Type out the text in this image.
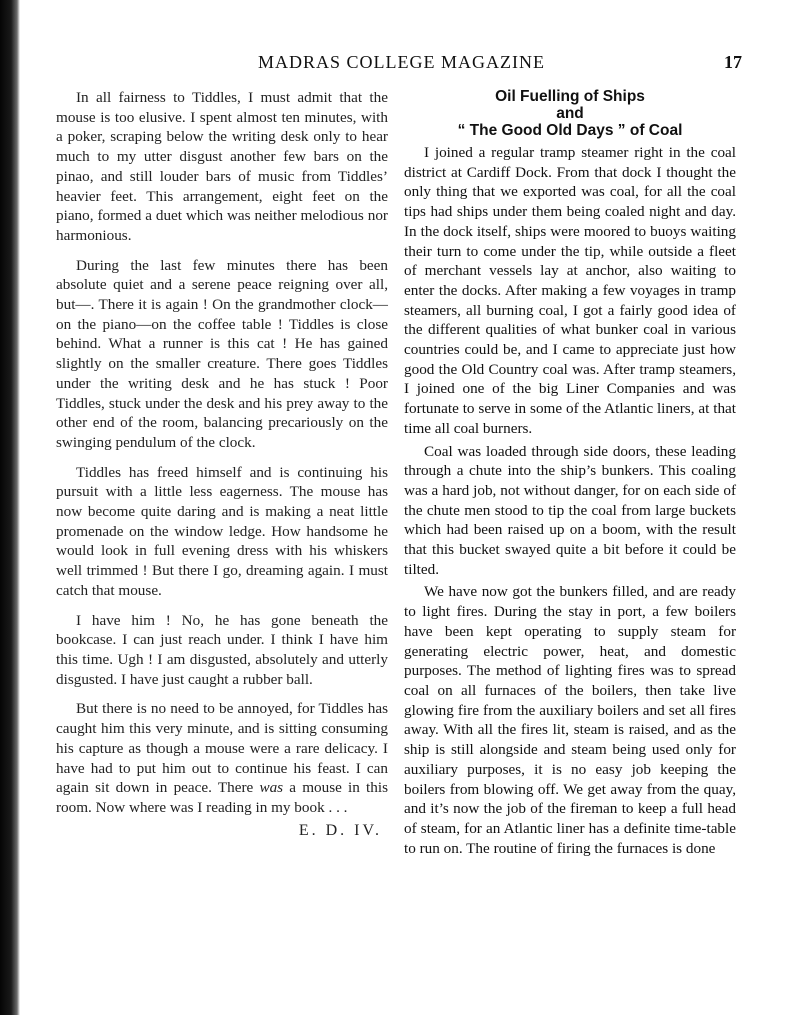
MADRAS COLLEGE MAGAZINE	17

In all fairness to Tiddles, I must admit that the mouse is too elusive. I spent almost ten minutes, with a poker, scraping below the writing desk only to hear much to my utter disgust another few bars on the pinao, and still louder bars of music from Tiddles’ heavier feet. This arrangement, eight feet on the piano, formed a duet which was neither melodious nor harmonious.

During the last few minutes there has been absolute quiet and a serene peace reigning over all, but—. There it is again ! On the grandmother clock—on the piano—on the coffee table ! Tiddles is close behind. What a runner is this cat ! He has gained slightly on the smaller creature. There goes Tiddles under the writing desk and he has stuck ! Poor Tiddles, stuck under the desk and his prey away to the other end of the room, balancing precariously on the swinging pendulum of the clock.

Tiddles has freed himself and is continuing his pursuit with a little less eagerness. The mouse has now become quite daring and is making a neat little promenade on the window ledge. How handsome he would look in full evening dress with his whiskers well trimmed ! But there I go, dreaming again. I must catch that mouse.

I have him ! No, he has gone beneath the bookcase. I can just reach under. I think I have him this time. Ugh ! I am disgusted, absolutely and utterly disgusted. I have just caught a rubber ball.

But there is no need to be annoyed, for Tiddles has caught him this very minute, and is sitting consuming his capture as though a mouse were a rare delicacy. I have had to put him out to continue his feast. I can again sit down in peace. There was a mouse in this room. Now where was I reading in my book . . .

E. D. IV.
Oil Fuelling of Ships
and
“ The Good Old Days ” of Coal

I joined a regular tramp steamer right in the coal district at Cardiff Dock. From that dock I thought the only thing that we exported was coal, for all the coal tips had ships under them being coaled night and day. In the dock itself, ships were moored to buoys waiting their turn to come under the tip, while outside a fleet of merchant vessels lay at anchor, also waiting to enter the docks. After making a few voyages in tramp steamers, all burning coal, I got a fairly good idea of the different qualities of what bunker coal in various countries could be, and I came to appreciate just how good the Old Country coal was. After tramp steamers, I joined one of the big Liner Companies and was fortunate to serve in some of the Atlantic liners, at that time all coal burners.

Coal was loaded through side doors, these leading through a chute into the ship’s bunkers. This coaling was a hard job, not without danger, for on each side of the chute men stood to tip the coal from large buckets which had been raised up on a boom, with the result that this bucket swayed quite a bit before it could be tilted.

We have now got the bunkers filled, and are ready to light fires. During the stay in port, a few boilers have been kept operating to supply steam for generating electric power, heat, and domestic purposes. The method of lighting fires was to spread coal on all furnaces of the boilers, then take live glowing fire from the auxiliary boilers and set all fires away. With all the fires lit, steam is raised, and as the ship is still alongside and steam being used only for auxiliary purposes, it is no easy job keeping the boilers from blowing off. We get away from the quay, and it’s now the job of the fireman to keep a full head of steam, for an Atlantic liner has a definite time-table to run on. The routine of firing the furnaces is done
